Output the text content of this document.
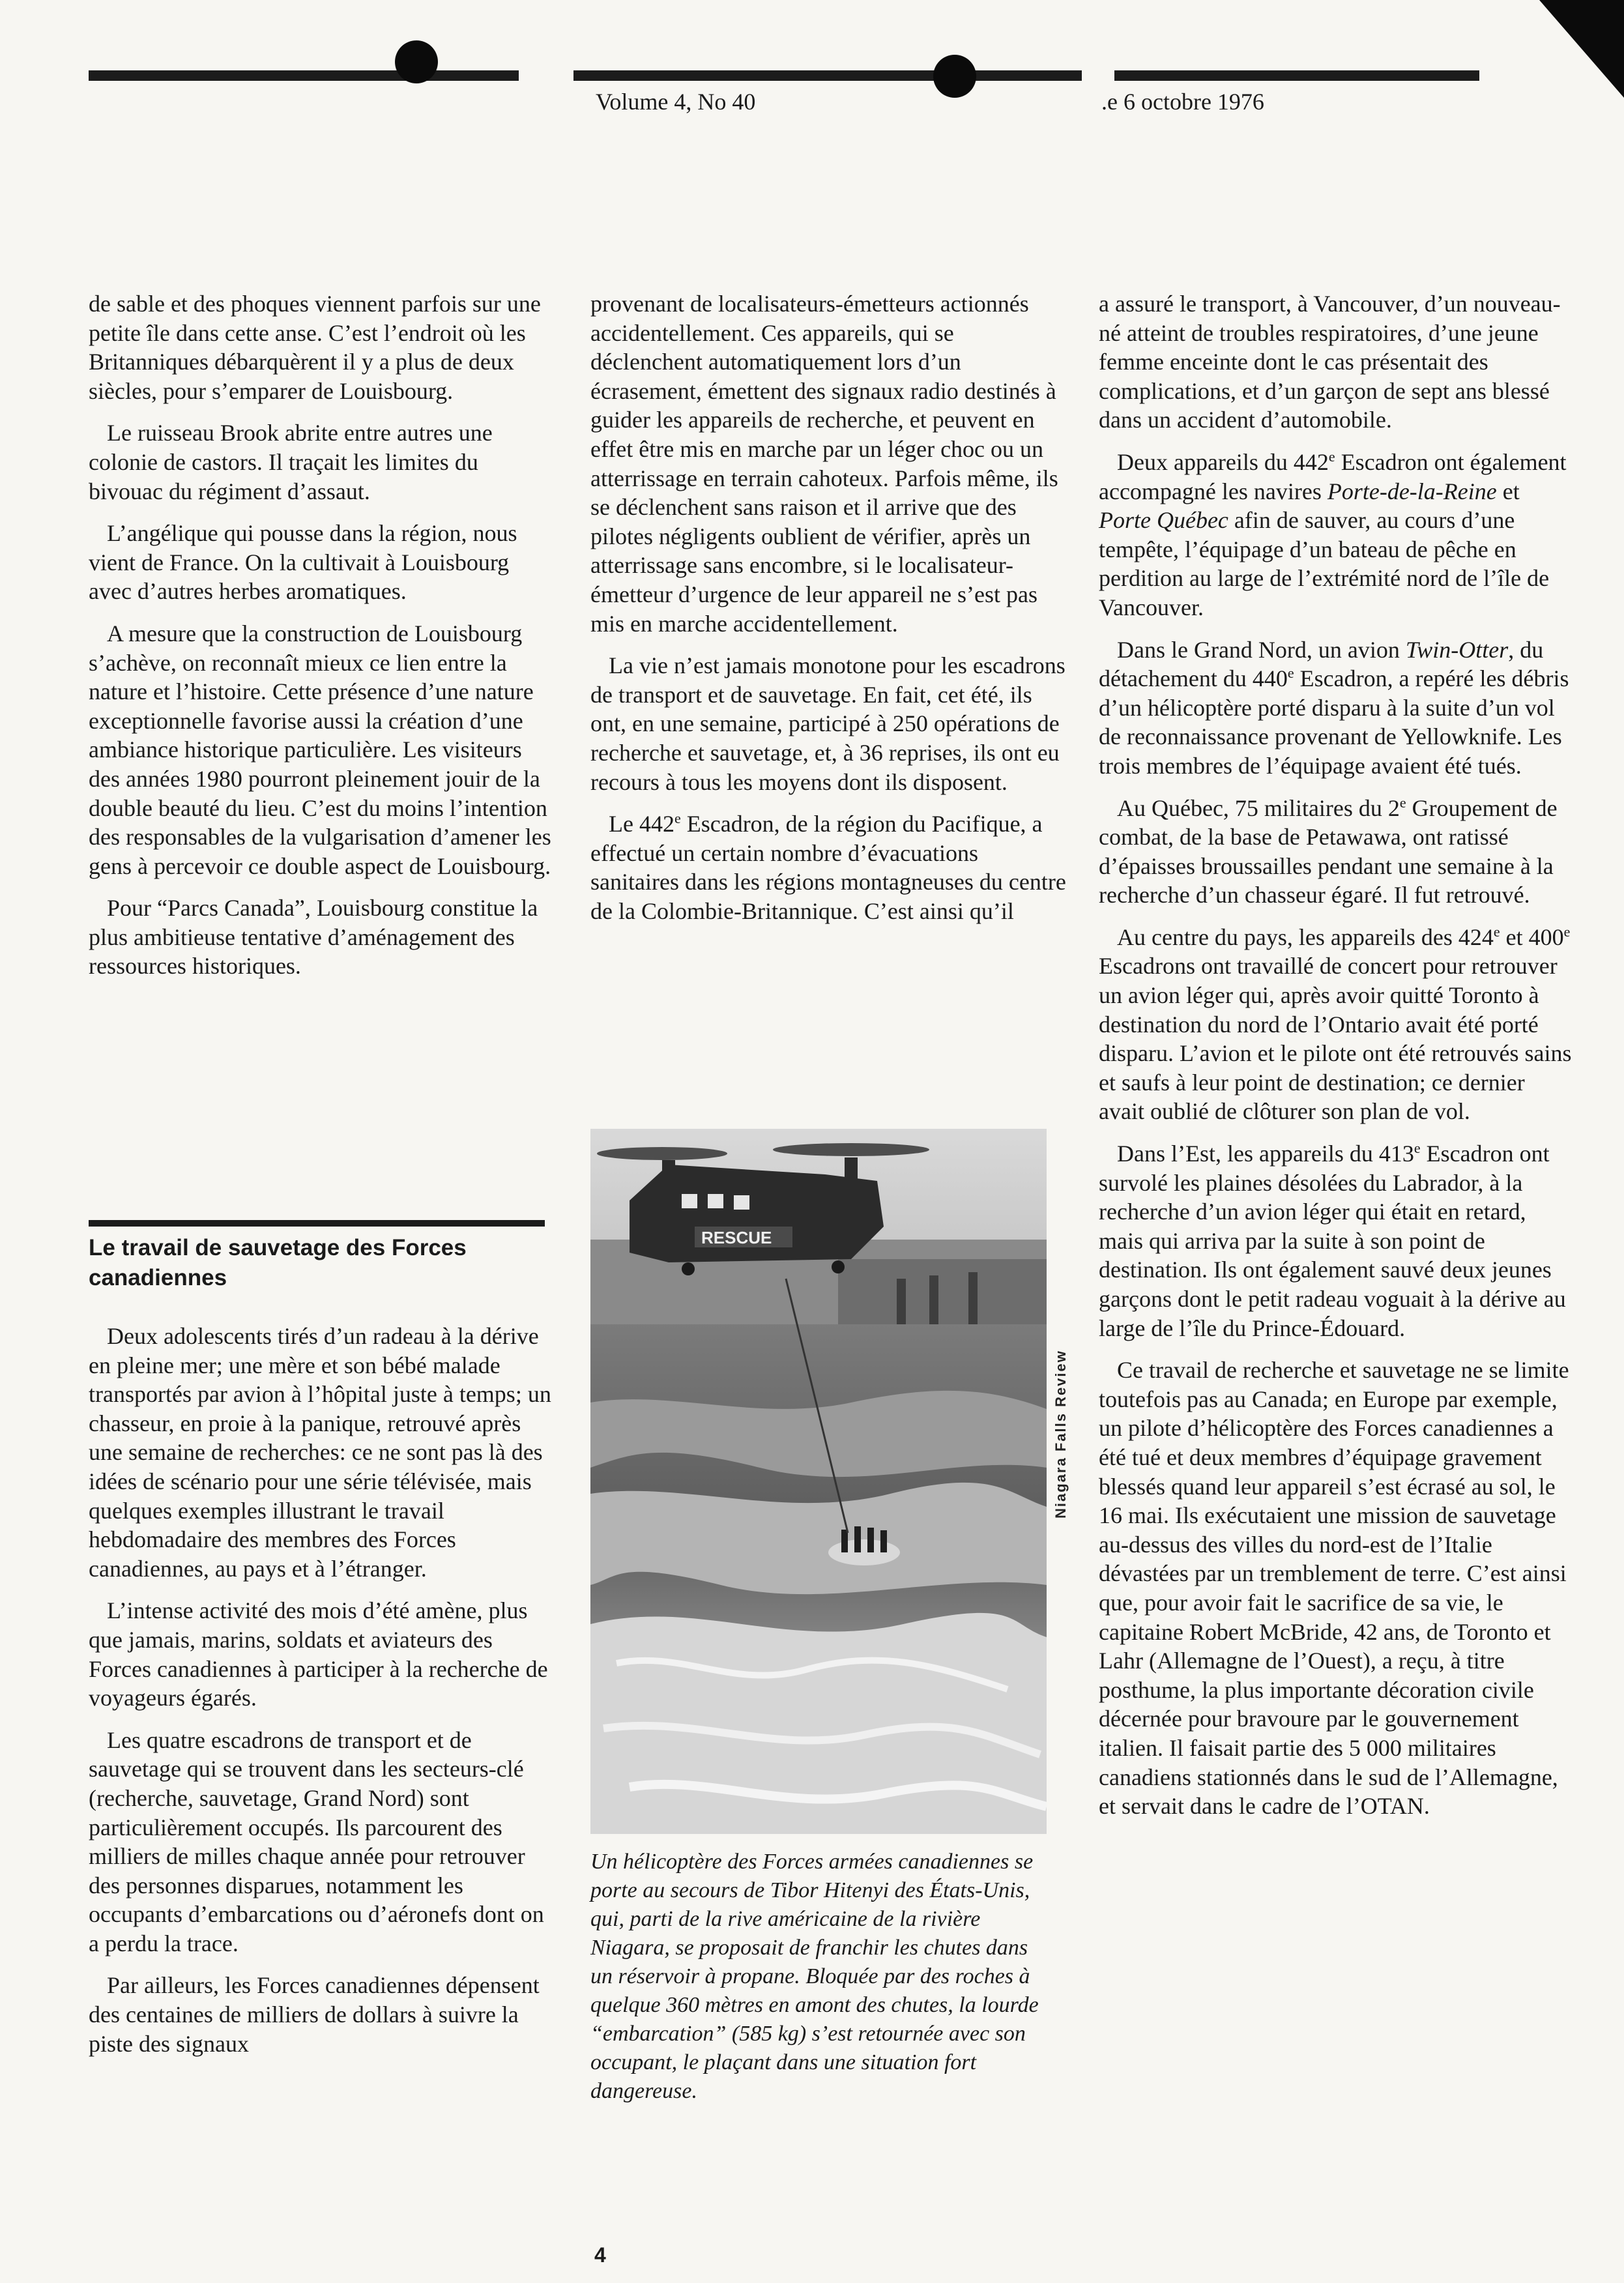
Volume 4, No 40	.e 6 octobre 1976

de sable et des phoques viennent parfois sur une petite île dans cette anse. C’est l’endroit où les Britanniques débarquèrent il y a plus de deux siècles, pour s’emparer de Louisbourg.

Le ruisseau Brook abrite entre autres une colonie de castors. Il traçait les limites du bivouac du régiment d’assaut.

L’angélique qui pousse dans la région, nous vient de France. On la cultivait à Louisbourg avec d’autres herbes aromatiques.

A mesure que la construction de Louisbourg s’achève, on reconnaît mieux ce lien entre la nature et l’histoire. Cette présence d’une nature exceptionnelle favorise aussi la création d’une ambiance historique particulière. Les visiteurs des années 1980 pourront pleinement jouir de la double beauté du lieu. C’est du moins l’intention des responsables de la vulgarisation d’amener les gens à percevoir ce double aspect de Louisbourg.

Pour “Parcs Canada”, Louisbourg constitue la plus ambitieuse tentative d’aménagement des ressources historiques.

Le travail de sauvetage des Forces canadiennes

Deux adolescents tirés d’un radeau à la dérive en pleine mer; une mère et son bébé malade transportés par avion à l’hôpital juste à temps; un chasseur, en proie à la panique, retrouvé après une semaine de recherches: ce ne sont pas là des idées de scénario pour une série télévisée, mais quelques exemples illustrant le travail hebdomadaire des membres des Forces canadiennes, au pays et à l’étranger.

L’intense activité des mois d’été amène, plus que jamais, marins, soldats et aviateurs des Forces canadiennes à participer à la recherche de voyageurs égarés.

Les quatre escadrons de transport et de sauvetage qui se trouvent dans les secteurs-clé (recherche, sauvetage, Grand Nord) sont particulièrement occupés. Ils parcourent des milliers de milles chaque année pour retrouver des personnes disparues, notamment les occupants d’embarcations ou d’aéronefs dont on a perdu la trace.

Par ailleurs, les Forces canadiennes dépensent des centaines de milliers de dollars à suivre la piste des signaux

provenant de localisateurs-émetteurs actionnés accidentellement. Ces appareils, qui se déclenchent automatiquement lors d’un écrasement, émettent des signaux radio destinés à guider les appareils de recherche, et peuvent en effet être mis en marche par un léger choc ou un atterrissage en terrain cahoteux. Parfois même, ils se déclenchent sans raison et il arrive que des pilotes négligents oublient de vérifier, après un atterrissage sans encombre, si le localisateur-émetteur d’urgence de leur appareil ne s’est pas mis en marche accidentellement.

La vie n’est jamais monotone pour les escadrons de transport et de sauvetage. En fait, cet été, ils ont, en une semaine, participé à 250 opérations de recherche et sauvetage, et, à 36 reprises, ils ont eu recours à tous les moyens dont ils disposent.

Le 442e Escadron, de la région du Pacifique, a effectué un certain nombre d’évacuations sanitaires dans les régions montagneuses du centre de la Colombie-Britannique. C’est ainsi qu’il

RESCUE
Niagara Falls Review
Un hélicoptère des Forces armées canadiennes se porte au secours de Tibor Hitenyi des États-Unis, qui, parti de la rive américaine de la rivière Niagara, se proposait de franchir les chutes dans un réservoir à propane. Bloquée par des roches à quelque 360 mètres en amont des chutes, la lourde “embarcation” (585 kg) s’est retournée avec son occupant, le plaçant dans une situation fort dangereuse.

a assuré le transport, à Vancouver, d’un nouveau-né atteint de troubles respiratoires, d’une jeune femme enceinte dont le cas présentait des complications, et d’un garçon de sept ans blessé dans un accident d’automobile.

Deux appareils du 442e Escadron ont également accompagné les navires Porte-de-la-Reine et Porte Québec afin de sauver, au cours d’une tempête, l’équipage d’un bateau de pêche en perdition au large de l’extrémité nord de l’île de Vancouver.

Dans le Grand Nord, un avion Twin-Otter, du détachement du 440e Escadron, a repéré les débris d’un hélicoptère porté disparu à la suite d’un vol de reconnaissance provenant de Yellowknife. Les trois membres de l’équipage avaient été tués.

Au Québec, 75 militaires du 2e Groupement de combat, de la base de Petawawa, ont ratissé d’épaisses broussailles pendant une semaine à la recherche d’un chasseur égaré. Il fut retrouvé.

Au centre du pays, les appareils des 424e et 400e Escadrons ont travaillé de concert pour retrouver un avion léger qui, après avoir quitté Toronto à destination du nord de l’Ontario avait été porté disparu. L’avion et le pilote ont été retrouvés sains et saufs à leur point de destination; ce dernier avait oublié de clôturer son plan de vol.

Dans l’Est, les appareils du 413e Escadron ont survolé les plaines désolées du Labrador, à la recherche d’un avion léger qui était en retard, mais qui arriva par la suite à son point de destination. Ils ont également sauvé deux jeunes garçons dont le petit radeau voguait à la dérive au large de l’île du Prince-Édouard.

Ce travail de recherche et sauvetage ne se limite toutefois pas au Canada; en Europe par exemple, un pilote d’hélicoptère des Forces canadiennes a été tué et deux membres d’équipage gravement blessés quand leur appareil s’est écrasé au sol, le 16 mai. Ils exécutaient une mission de sauvetage au-dessus des villes du nord-est de l’Italie dévastées par un tremblement de terre. C’est ainsi que, pour avoir fait le sacrifice de sa vie, le capitaine Robert McBride, 42 ans, de Toronto et Lahr (Allemagne de l’Ouest), a reçu, à titre posthume, la plus importante décoration civile décernée pour bravoure par le gouvernement italien. Il faisait partie des 5 000 militaires canadiens stationnés dans le sud de l’Allemagne, et servait dans le cadre de l’OTAN.

4
